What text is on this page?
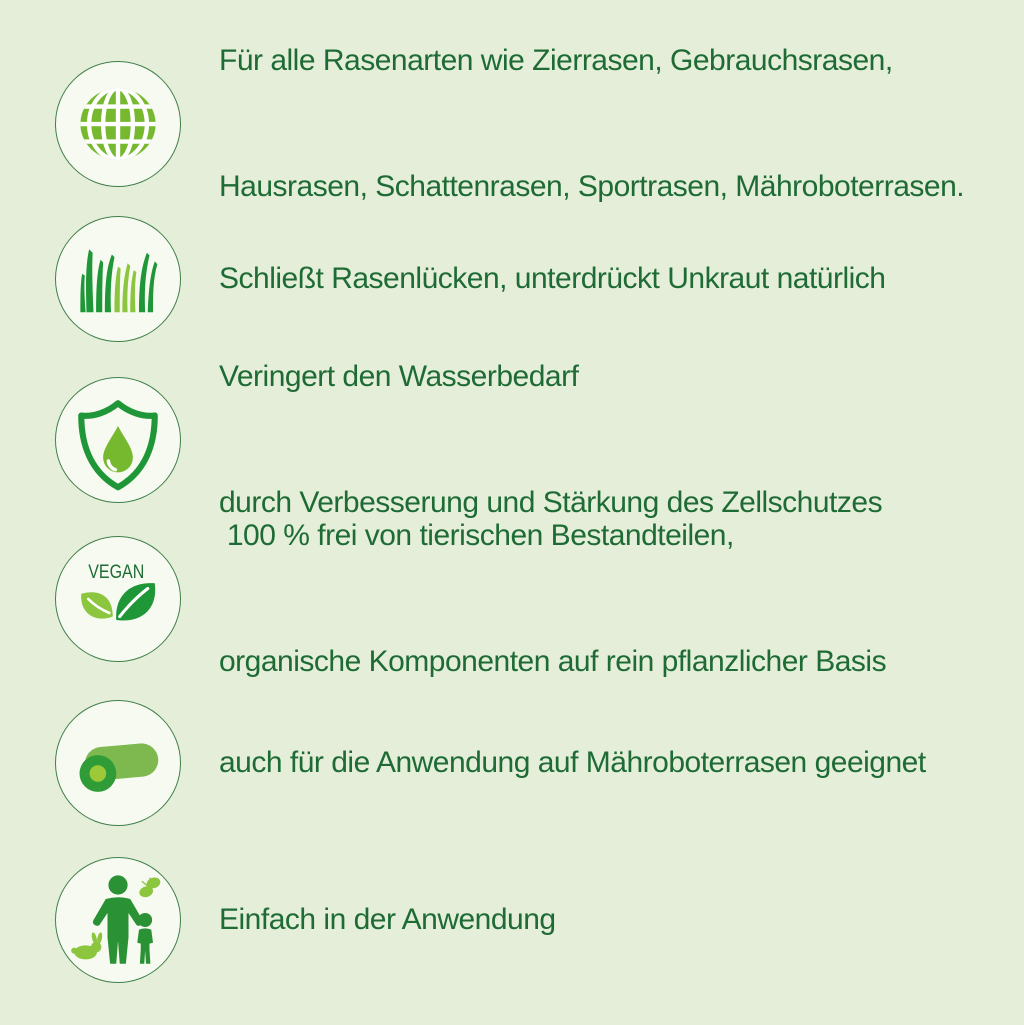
Für alle Rasenarten wie Zierrasen, Gebrauchsrasen,

Hausrasen, Schattenrasen, Sportrasen, Mähroboterrasen.

Schließt Rasenlücken, unterdrückt Unkraut natürlich

Veringert den Wasserbedarf

durch Verbesserung und Stärkung des Zellschutzes

VEGAN

100 % frei von tierischen Bestandteilen,

organische Komponenten auf rein pflanzlicher Basis

auch für die Anwendung auf Mähroboterrasen geeignet

Einfach in der Anwendung
